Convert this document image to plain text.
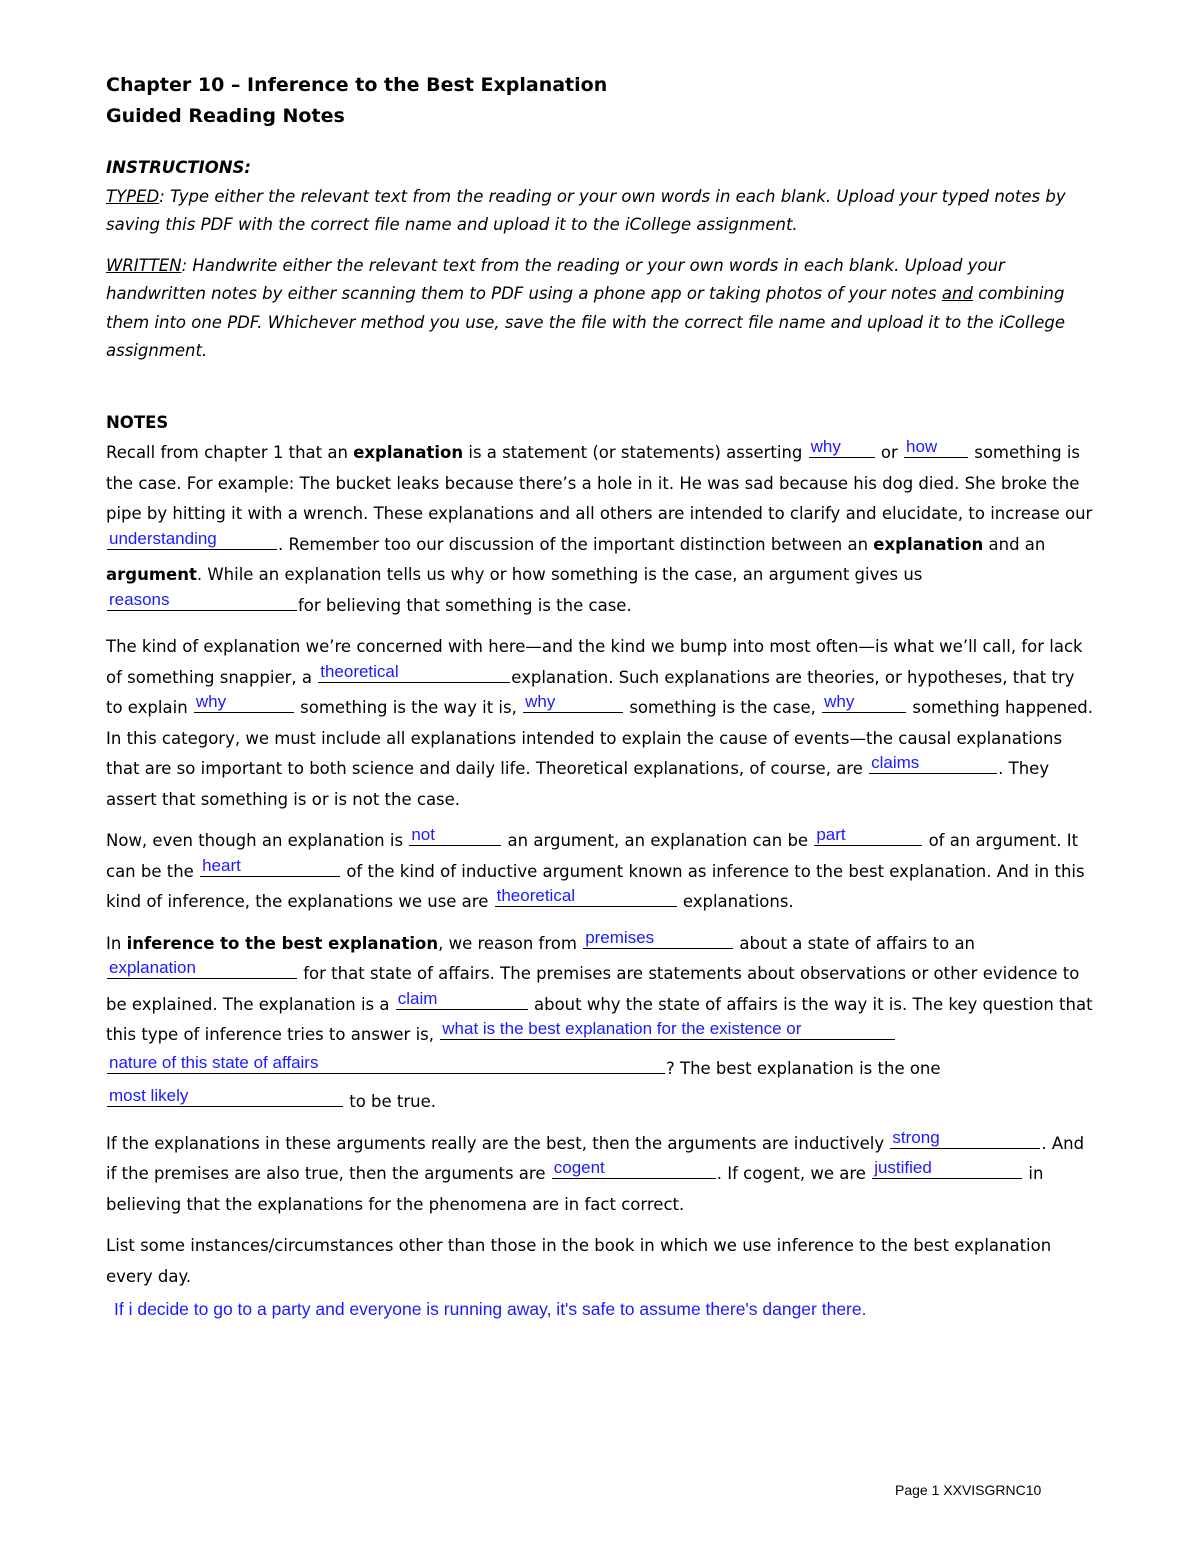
Chapter 10 – Inference to the Best Explanation
Guided Reading Notes
INSTRUCTIONS:
TYPED: Type either the relevant text from the reading or your own words in each blank. Upload your typed notes by saving this PDF with the correct file name and upload it to the iCollege assignment.
WRITTEN: Handwrite either the relevant text from the reading or your own words in each blank. Upload your handwritten notes by either scanning them to PDF using a phone app or taking photos of your notes and combining them into one PDF. Whichever method you use, save the file with the correct file name and upload it to the iCollege assignment.
NOTES

Recall from chapter 1 that an explanation is a statement (or statements) asserting why or how something is the case. For example: The bucket leaks because there’s a hole in it. He was sad because his dog died. She broke the pipe by hitting it with a wrench. These explanations and all others are intended to clarify and elucidate, to increase our
understanding	. Remember too our discussion of the important distinction between an explanation and an argument. While an explanation tells us why or how something is the case, an argument gives us
reasons	for believing that something is the case.

The kind of explanation we’re concerned with here—and the kind we bump into most often—is what we’ll call, for lack of something snappier, a theoretical	explanation. Such explanations are theories, or hypotheses, that try to explain why	something is the way it is, why	something is the case, why	something happened. In this category, we must include all explanations intended to explain the cause of events—the causal explanations that are so important to both science and daily life. Theoretical explanations, of course, are claims	. They assert that something is or is not the case.

Now, even though an explanation is not	an argument, an explanation can be part	of an argument. It can be the heart	of the kind of inductive argument known as inference to the best explanation. And in this kind of inference, the explanations we use are theoretical	explanations.

In inference to the best explanation, we reason from premises	about a state of affairs to an
explanation	for that state of affairs. The premises are statements about observations or other evidence to be explained. The explanation is a claim	about why the state of affairs is the way it is. The key question that this type of inference tries to answer is, what is the best explanation for the existence or
nature of this state of affairs	? The best explanation is the one

most likely	to be true.

If the explanations in these arguments really are the best, then the arguments are inductively strong	. And if the premises are also true, then the arguments are cogent	. If cogent, we are justified	in believing that the explanations for the phenomena are in fact correct.

List some instances/circumstances other than those in the book in which we use inference to the best explanation every day.

If i decide to go to a party and everyone is running away, it's safe to assume there's danger there.
Page 1 XXVISGRNC10
